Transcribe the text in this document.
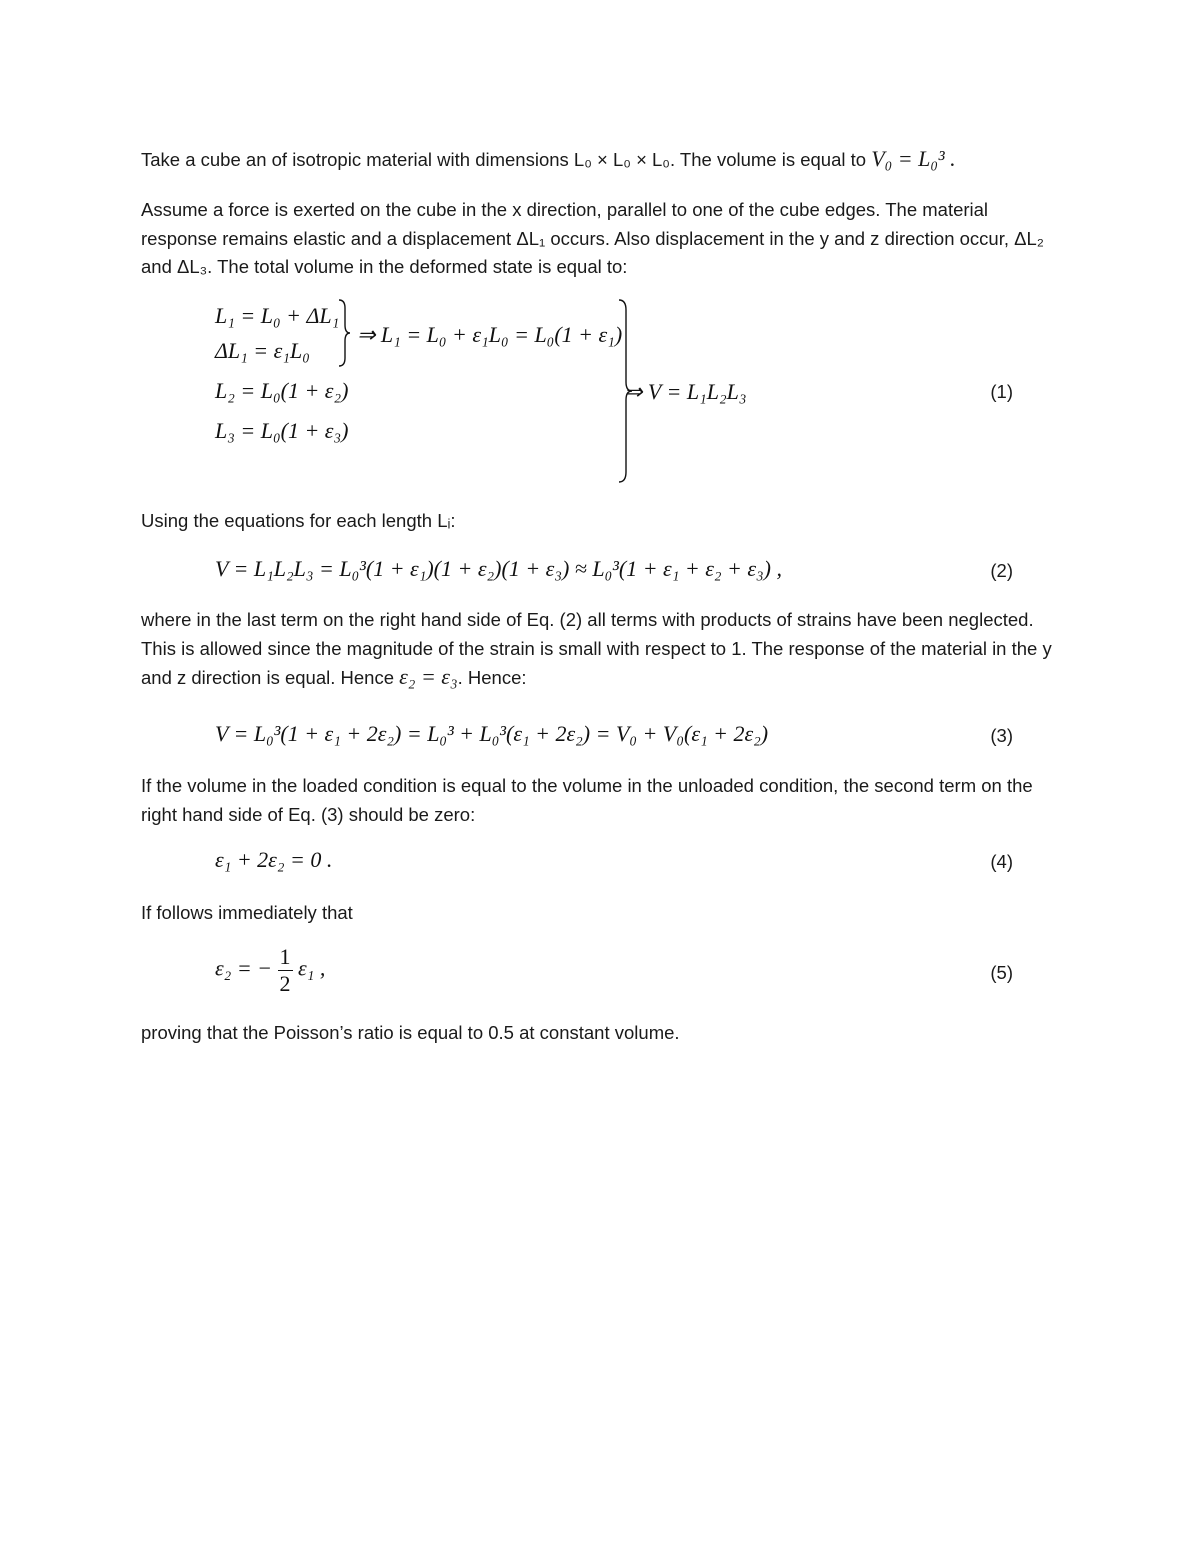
Take a cube an of isotropic material with dimensions L₀ × L₀ × L₀. The volume is equal to V₀ = L₀³ .
Assume a force is exerted on the cube in the x direction, parallel to one of the cube edges. The material response remains elastic and a displacement ΔL₁ occurs. Also displacement in the y and z direction occur, ΔL₂ and ΔL₃. The total volume in the deformed state is equal to:
L₁ = L₀ + ΔL₁
ΔL₁ = ε₁L₀
⇒ L₁ = L₀ + ε₁L₀ = L₀(1 + ε₁)
L₂ = L₀(1 + ε₂)
L₃ = L₀(1 + ε₃)
⇒ V = L₁L₂L₃	(1)
Using the equations for each length Lᵢ:
V = L₁L₂L₃ = L₀³(1 + ε₁)(1 + ε₂)(1 + ε₃) ≈ L₀³(1 + ε₁ + ε₂ + ε₃) ,	(2)
where in the last term on the right hand side of Eq. (2) all terms with products of strains have been neglected. This is allowed since the magnitude of the strain is small with respect to 1. The response of the material in the y and z direction is equal. Hence ε₂ = ε₃. Hence:
V = L₀³(1 + ε₁ + 2ε₂) = L₀³ + L₀³(ε₁ + 2ε₂) = V₀ + V₀(ε₁ + 2ε₂)	(3)
If the volume in the loaded condition is equal to the volume in the unloaded condition, the second term on the right hand side of Eq. (3) should be zero:
ε₁ + 2ε₂ = 0 .	(4)
If follows immediately that
ε₂ = − $\frac{1}{2} \varepsilon_1$ ,	(5)
proving that the Poisson’s ratio is equal to 0.5 at constant volume.
